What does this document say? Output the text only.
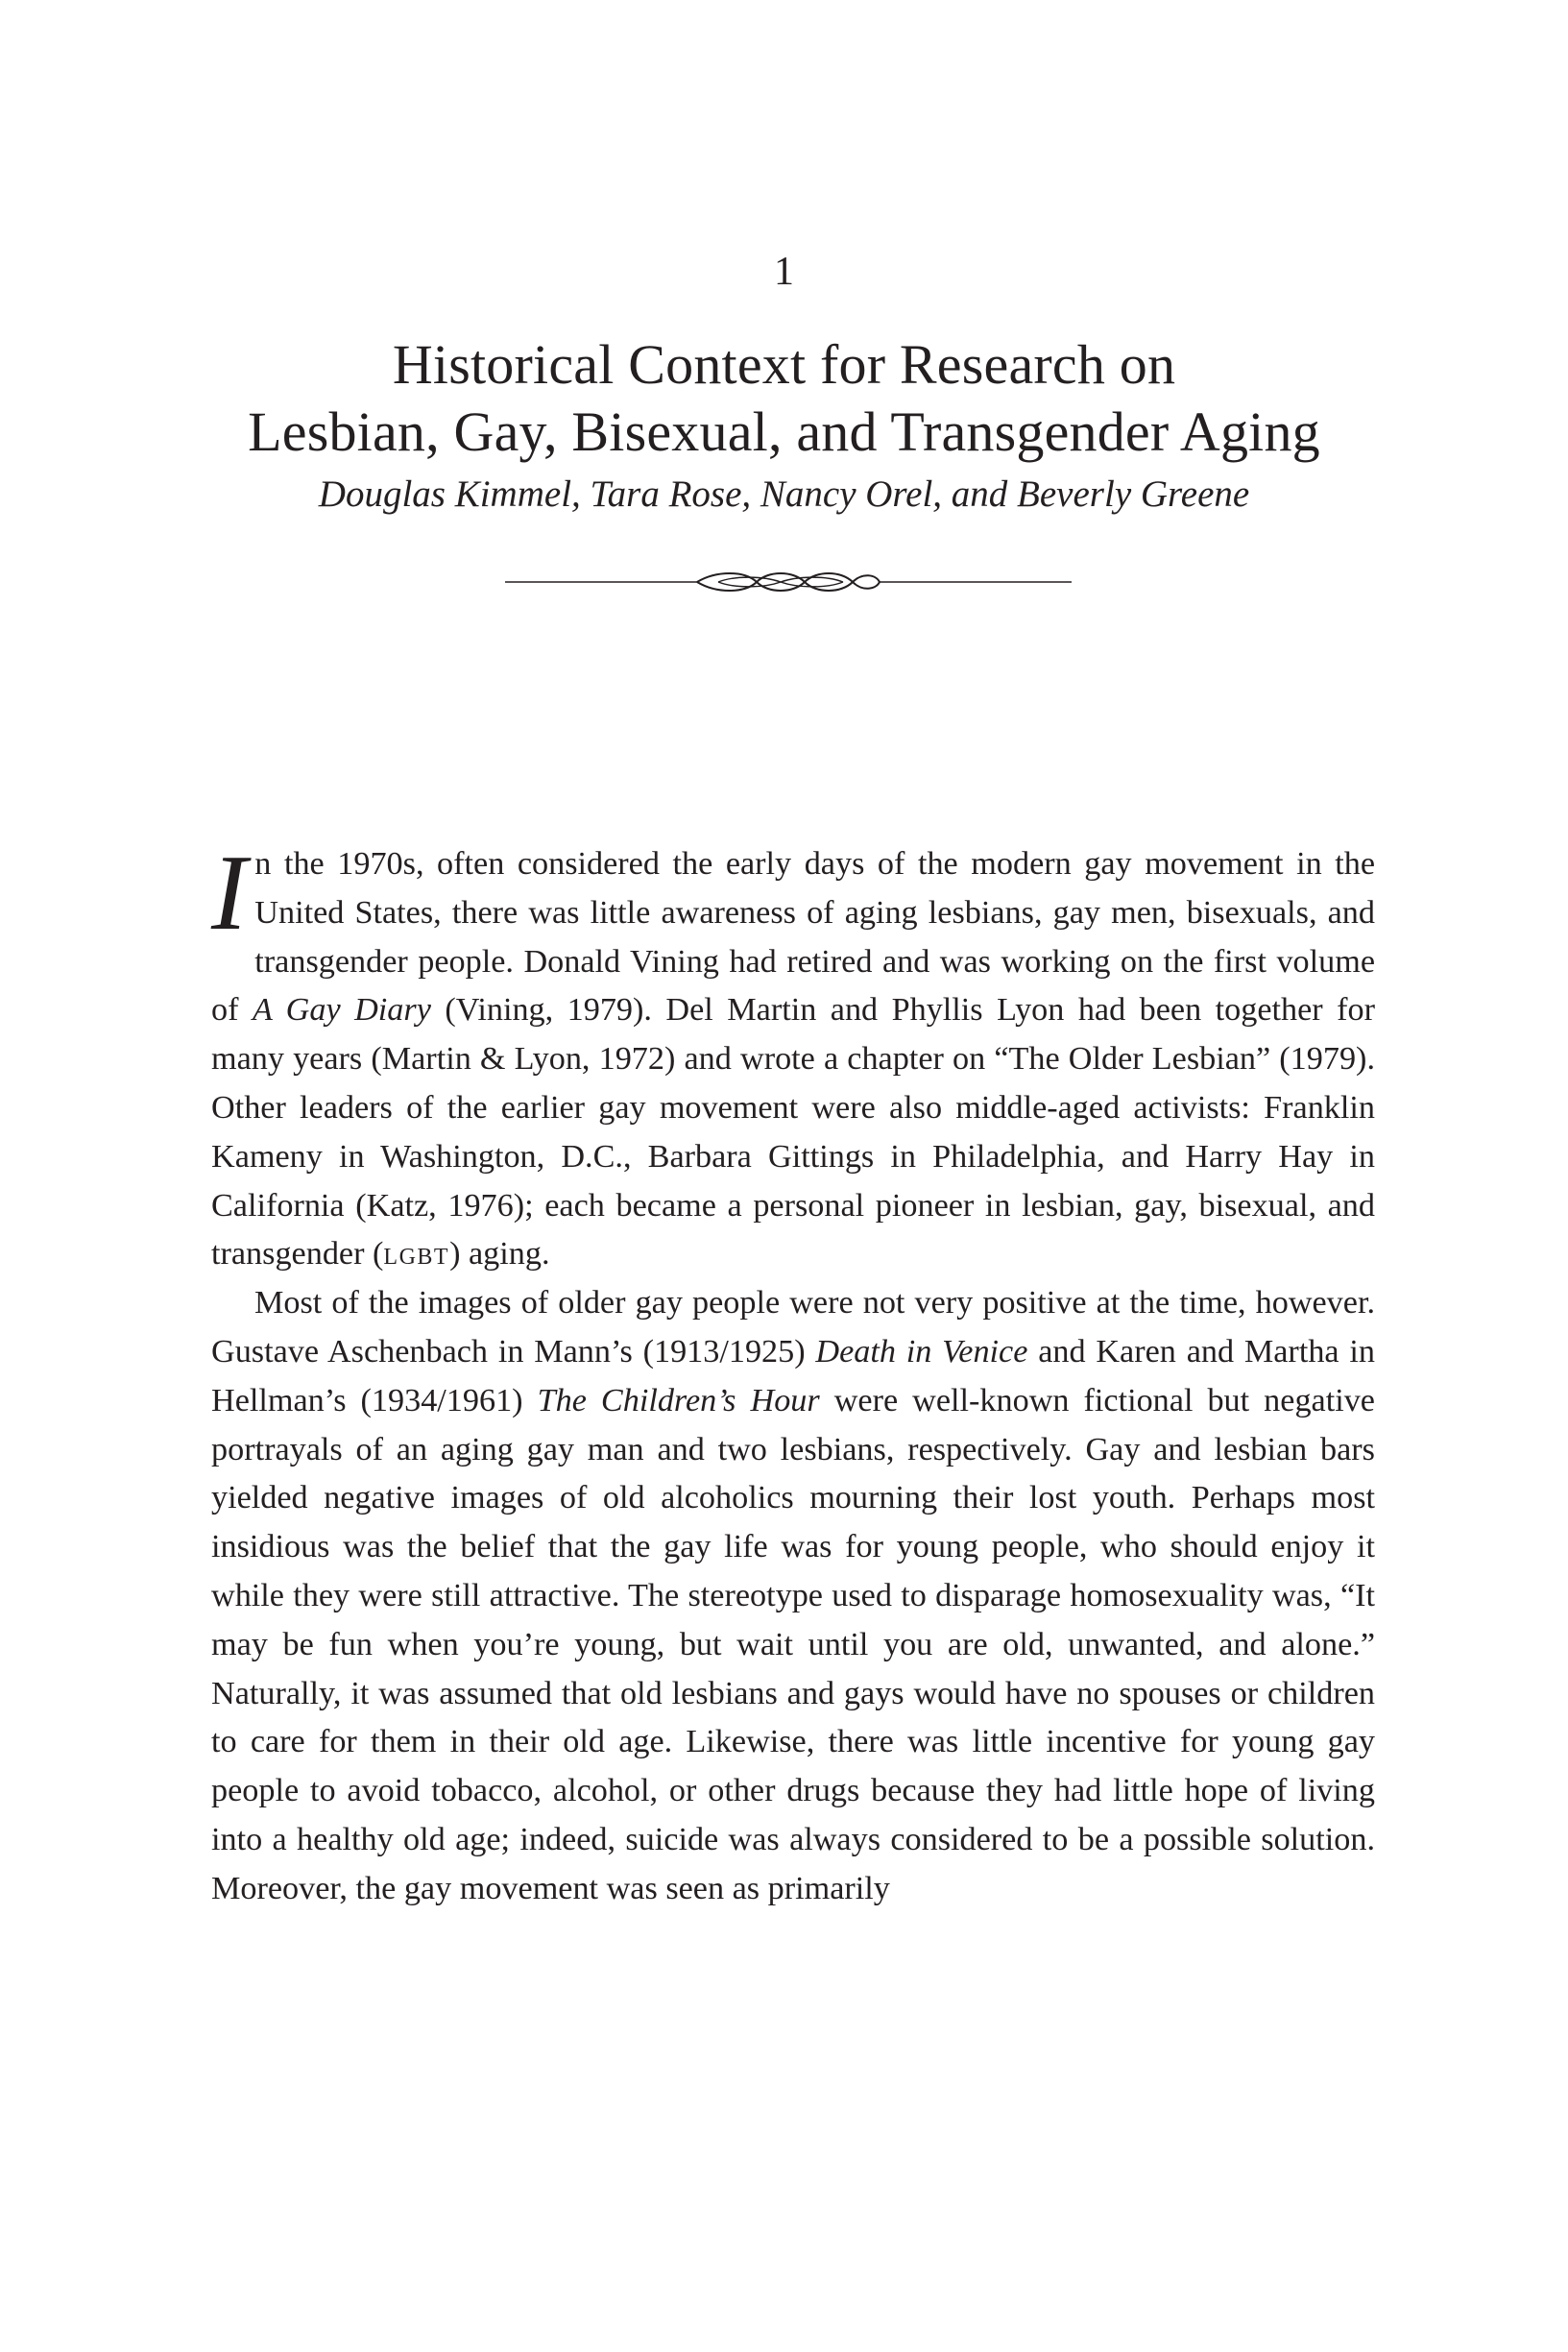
1
Historical Context for Research on
Lesbian, Gay, Bisexual, and Transgender Aging
Douglas Kimmel, Tara Rose, Nancy Orel, and Beverly Greene

In the 1970s, often considered the early days of the modern gay movement in the United States, there was little awareness of aging lesbians, gay men, bisexuals, and transgender people. Donald Vining had retired and was working on the first volume of A Gay Diary (Vining, 1979). Del Martin and Phyllis Lyon had been together for many years (Martin & Lyon, 1972) and wrote a chapter on “The Older Lesbian” (1979). Other leaders of the earlier gay movement were also middle-aged activists: Franklin Kameny in Washington, D.C., Barbara Gittings in Philadelphia, and Harry Hay in California (Katz, 1976); each became a personal pioneer in lesbian, gay, bisexual, and transgender (lgbt) aging.

Most of the images of older gay people were not very positive at the time, however. Gustave Aschenbach in Mann’s (1913/1925) Death in Venice and Karen and Martha in Hellman’s (1934/1961) The Children’s Hour were well-known fictional but negative portrayals of an aging gay man and two lesbians, respectively. Gay and lesbian bars yielded negative images of old alcoholics mourning their lost youth. Perhaps most insidious was the belief that the gay life was for young people, who should enjoy it while they were still attractive. The stereotype used to disparage homosexuality was, “It may be fun when you’re young, but wait until you are old, unwanted, and alone.” Naturally, it was assumed that old lesbians and gays would have no spouses or children to care for them in their old age. Likewise, there was little incentive for young gay people to avoid tobacco, alcohol, or other drugs because they had little hope of living into a healthy old age; indeed, suicide was always considered to be a possible solution. Moreover, the gay movement was seen as primarily
